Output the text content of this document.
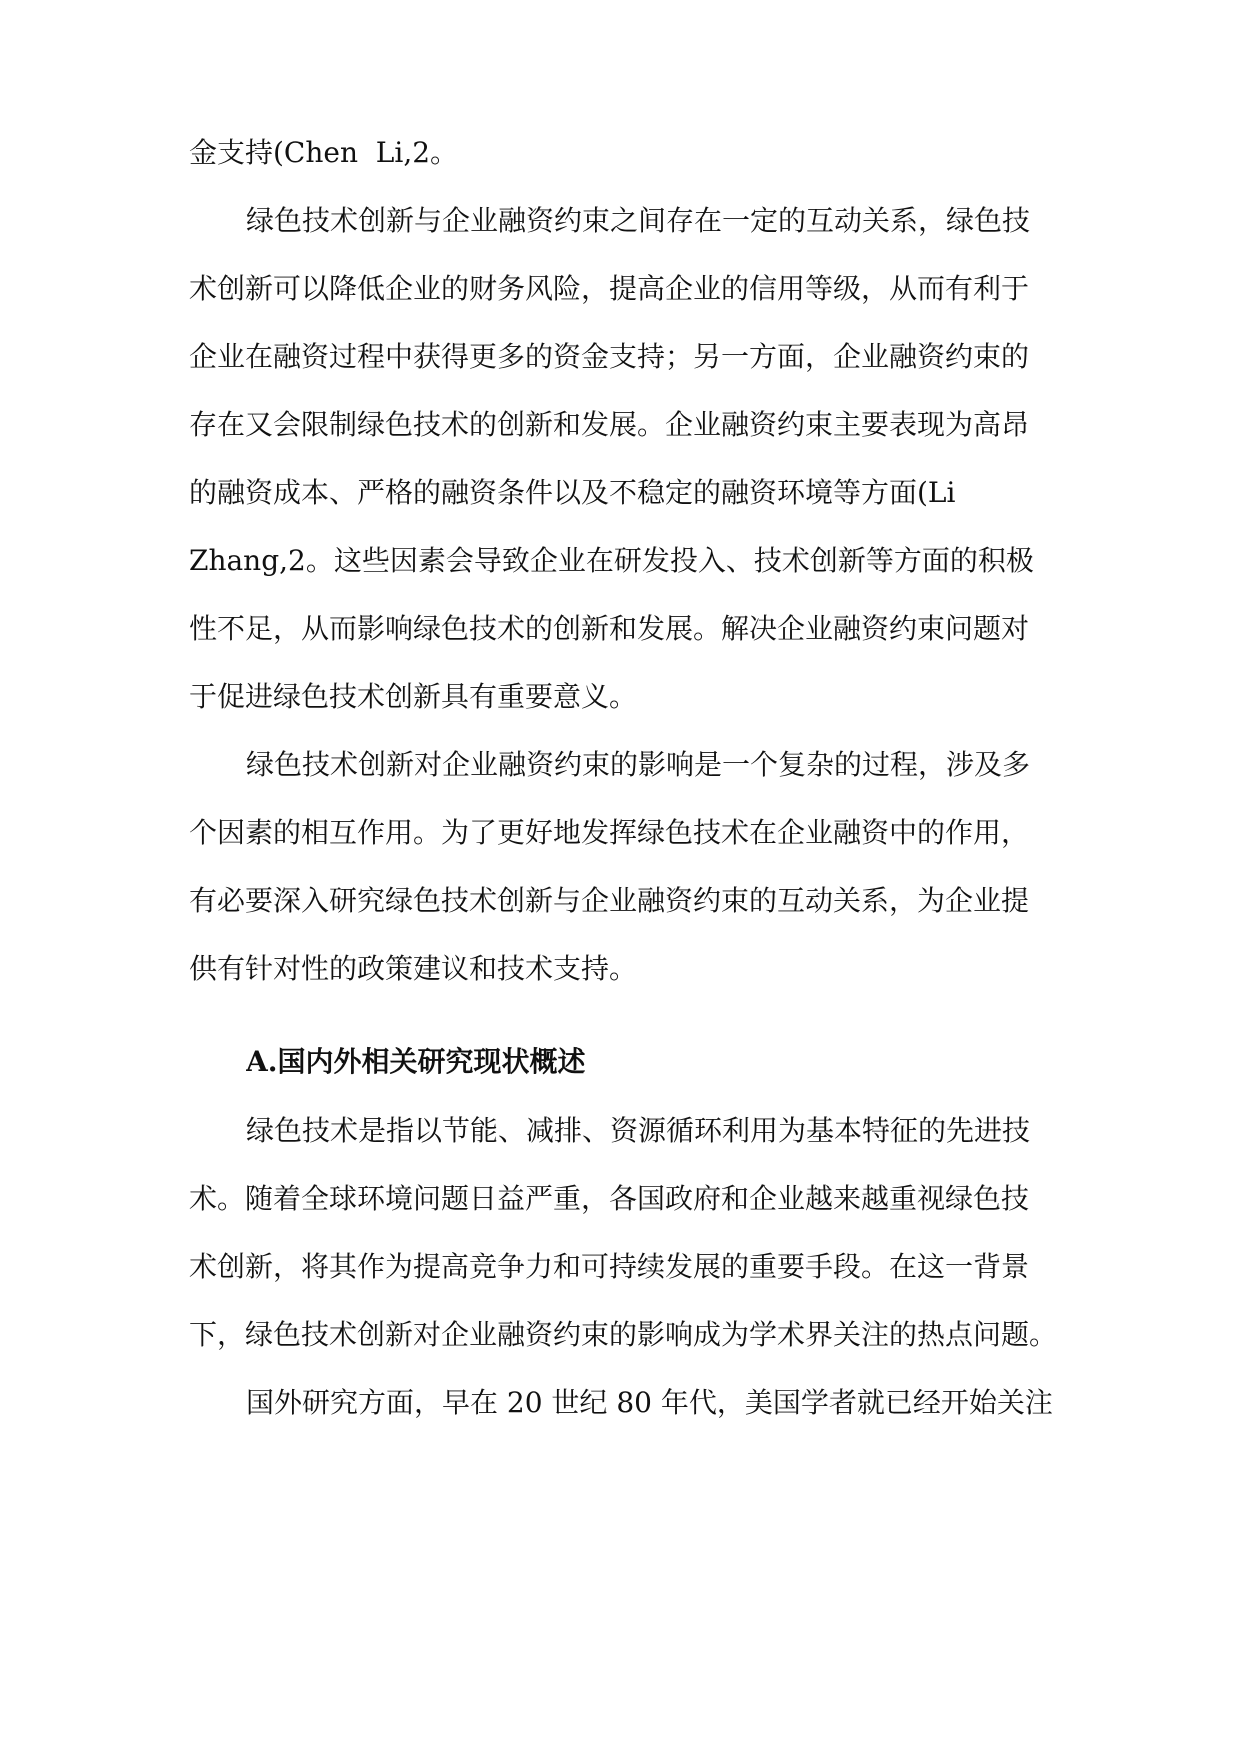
金支持(Chen  Li,2。
绿色技术创新与企业融资约束之间存在一定的互动关系，绿色技
术创新可以降低企业的财务风险，提高企业的信用等级，从而有利于
企业在融资过程中获得更多的资金支持；另一方面，企业融资约束的
存在又会限制绿色技术的创新和发展。企业融资约束主要表现为高昂
的融资成本、严格的融资条件以及不稳定的融资环境等方面(Li
Zhang,2。这些因素会导致企业在研发投入、技术创新等方面的积极
性不足，从而影响绿色技术的创新和发展。解决企业融资约束问题对
于促进绿色技术创新具有重要意义。
绿色技术创新对企业融资约束的影响是一个复杂的过程，涉及多
个因素的相互作用。为了更好地发挥绿色技术在企业融资中的作用，
有必要深入研究绿色技术创新与企业融资约束的互动关系，为企业提
供有针对性的政策建议和技术支持。
A.国内外相关研究现状概述
绿色技术是指以节能、减排、资源循环利用为基本特征的先进技
术。随着全球环境问题日益严重，各国政府和企业越来越重视绿色技
术创新，将其作为提高竞争力和可持续发展的重要手段。在这一背景
下，绿色技术创新对企业融资约束的影响成为学术界关注的热点问题。
国外研究方面，早在 20 世纪 80 年代，美国学者就已经开始关注
